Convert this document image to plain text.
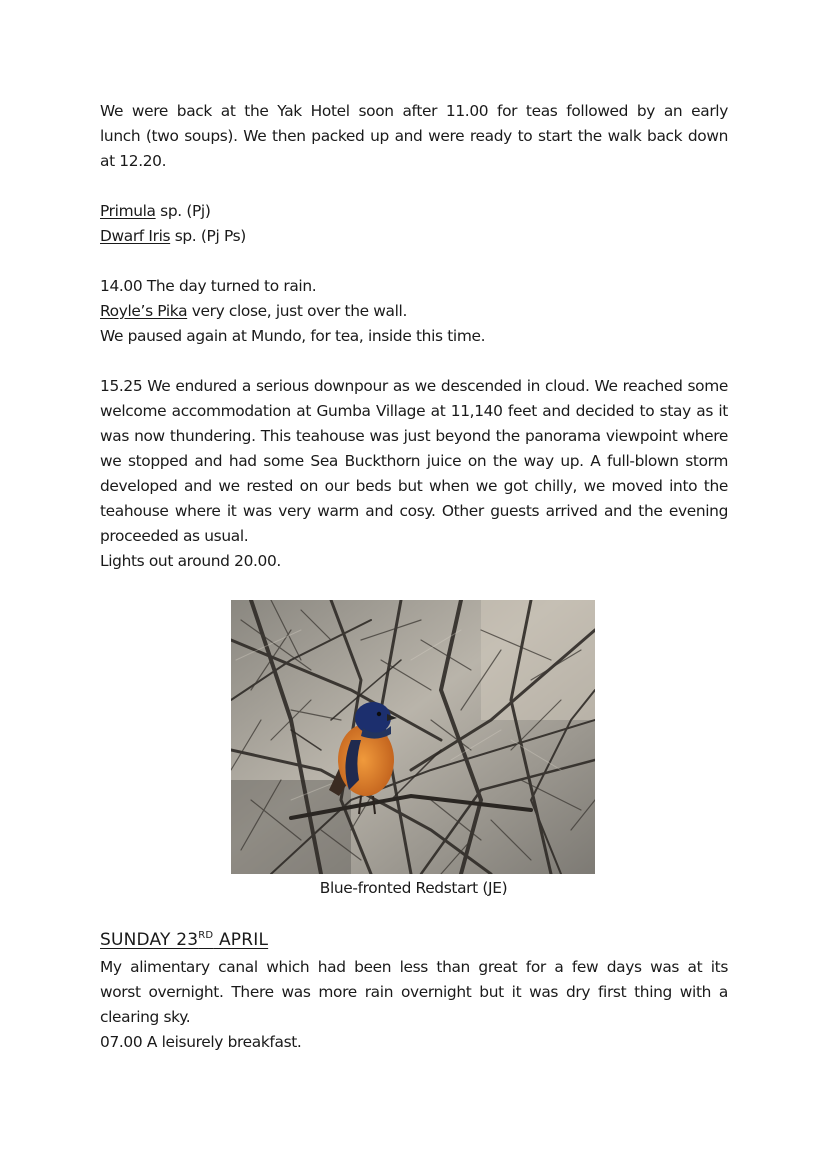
We were back at the Yak Hotel soon after 11.00 for teas followed by an early
lunch (two soups). We then packed up and were ready to start the walk back down
at 12.20.
Primula sp. (Pj)
Dwarf Iris sp. (Pj Ps)
14.00 The day turned to rain.
Royle’s Pika very close, just over the wall.
We paused again at Mundo, for tea, inside this time.
15.25 We endured a serious downpour as we descended in cloud. We reached some
welcome accommodation at Gumba Village at 11,140 feet and decided to stay as it
was now thundering. This teahouse was just beyond the panorama viewpoint where
we stopped and had some Sea Buckthorn juice on the way up. A full-blown storm
developed and we rested on our beds but when we got chilly, we moved into the
teahouse where it was very warm and cosy. Other guests arrived and the evening
proceeded as usual.
Lights out around 20.00.
Blue-fronted Redstart (JE)
SUNDAY 23RD APRIL
My alimentary canal which had been less than great for a few days was at its
worst overnight. There was more rain overnight but it was dry first thing with a
clearing sky.
07.00 A leisurely breakfast.
